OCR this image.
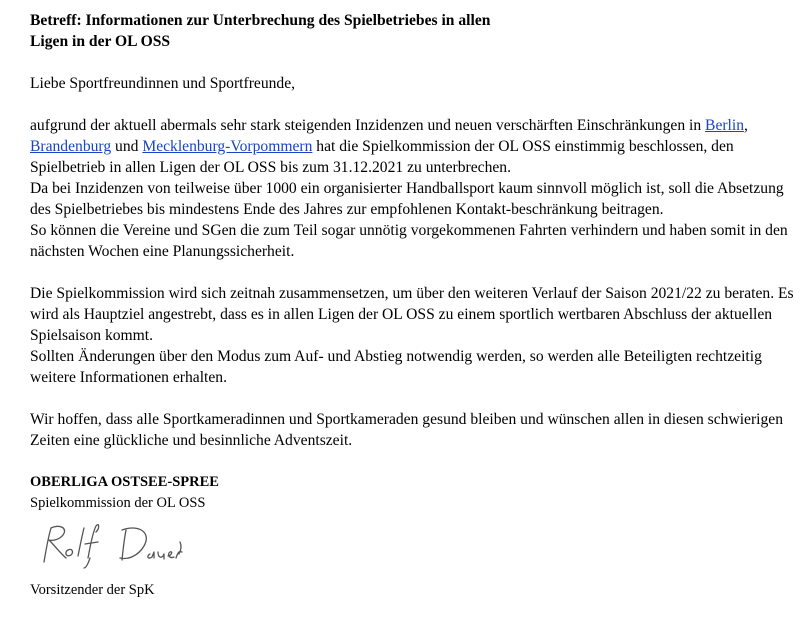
Betreff: Informationen zur Unterbrechung des Spielbetriebes in allen
Ligen in der OL OSS

Liebe Sportfreundinnen und Sportfreunde,

aufgrund der aktuell abermals sehr stark steigenden Inzidenzen und neuen verschärften Einschränkungen in Berlin, Brandenburg und Mecklenburg-Vorpommern hat die Spielkommission der OL OSS einstimmig beschlossen, den Spielbetrieb in allen Ligen der OL OSS bis zum 31.12.2021 zu unterbrechen.

Da bei Inzidenzen von teilweise über 1000 ein organisierter Handballsport kaum sinnvoll möglich ist, soll die Absetzung des Spielbetriebes bis mindestens Ende des Jahres zur empfohlenen Kontakt-beschränkung beitragen.

So können die Vereine und SGen die zum Teil sogar unnötig vorgekommenen Fahrten verhindern und haben somit in den nächsten Wochen eine Planungssicherheit.

Die Spielkommission wird sich zeitnah zusammensetzen, um über den weiteren Verlauf der Saison 2021/22 zu beraten. Es wird als Hauptziel angestrebt, dass es in allen Ligen der OL OSS zu einem sportlich wertbaren Abschluss der aktuellen Spielsaison kommt.

Sollten Änderungen über den Modus zum Auf- und Abstieg notwendig werden, so werden alle Beteiligten rechtzeitig weitere Informationen erhalten.

Wir hoffen, dass alle Sportkameradinnen und Sportkameraden gesund bleiben und wünschen allen in diesen schwierigen Zeiten eine glückliche und besinnliche Adventszeit.

OBERLIGA OSTSEE-SPREE
Spielkommission der OL OSS
Vorsitzender der SpK
